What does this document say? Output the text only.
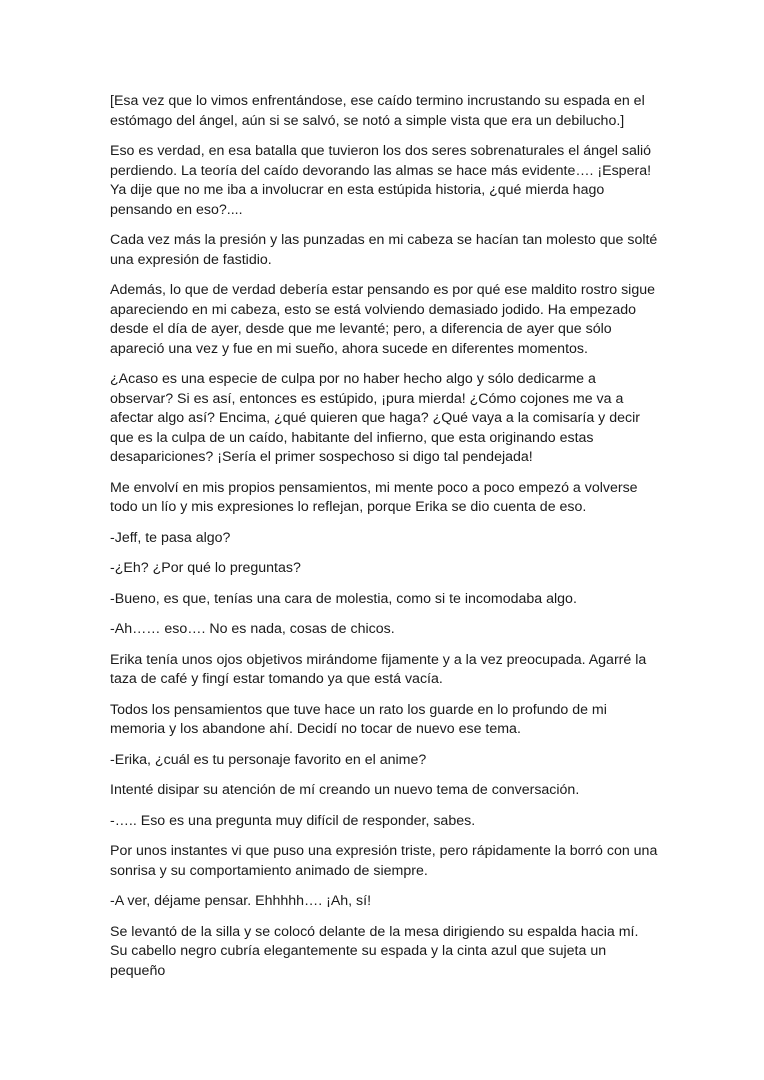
[Esa vez que lo vimos enfrentándose, ese caído termino incrustando su espada en el estómago del ángel, aún si se salvó, se notó a simple vista que era un debilucho.]

Eso es verdad, en esa batalla que tuvieron los dos seres sobrenaturales el ángel salió perdiendo. La teoría del caído devorando las almas se hace más evidente…. ¡Espera! Ya dije que no me iba a involucrar en esta estúpida historia, ¿qué mierda hago pensando en eso?....

Cada vez más la presión y las punzadas en mi cabeza se hacían tan molesto que solté una expresión de fastidio.

Además, lo que de verdad debería estar pensando es por qué ese maldito rostro sigue apareciendo en mi cabeza, esto se está volviendo demasiado jodido. Ha empezado desde el día de ayer, desde que me levanté; pero, a diferencia de ayer que sólo apareció una vez y fue en mi sueño, ahora sucede en diferentes momentos.

¿Acaso es una especie de culpa por no haber hecho algo y sólo dedicarme a observar? Si es así, entonces es estúpido, ¡pura mierda! ¿Cómo cojones me va a afectar algo así? Encima, ¿qué quieren que haga? ¿Qué vaya a la comisaría y decir que es la culpa de un caído, habitante del infierno, que esta originando estas desapariciones? ¡Sería el primer sospechoso si digo tal pendejada!

Me envolví en mis propios pensamientos, mi mente poco a poco empezó a volverse todo un lío y mis expresiones lo reflejan, porque Erika se dio cuenta de eso.

-Jeff, te pasa algo?

-¿Eh? ¿Por qué lo preguntas?

-Bueno, es que, tenías una cara de molestia, como si te incomodaba algo.

-Ah…… eso…. No es nada, cosas de chicos.

Erika tenía unos ojos objetivos mirándome fijamente y a la vez preocupada. Agarré la taza de café y fingí estar tomando ya que está vacía.

Todos los pensamientos que tuve hace un rato los guarde en lo profundo de mi memoria y los abandone ahí. Decidí no tocar de nuevo ese tema.

-Erika, ¿cuál es tu personaje favorito en el anime?

Intenté disipar su atención de mí creando un nuevo tema de conversación.

-….. Eso es una pregunta muy difícil de responder, sabes.

Por unos instantes vi que puso una expresión triste, pero rápidamente la borró con una sonrisa y su comportamiento animado de siempre.

-A ver, déjame pensar. Ehhhhh…. ¡Ah, sí!

Se levantó de la silla y se colocó delante de la mesa dirigiendo su espalda hacia mí. Su cabello negro cubría elegantemente su espada y la cinta azul que sujeta un pequeño
